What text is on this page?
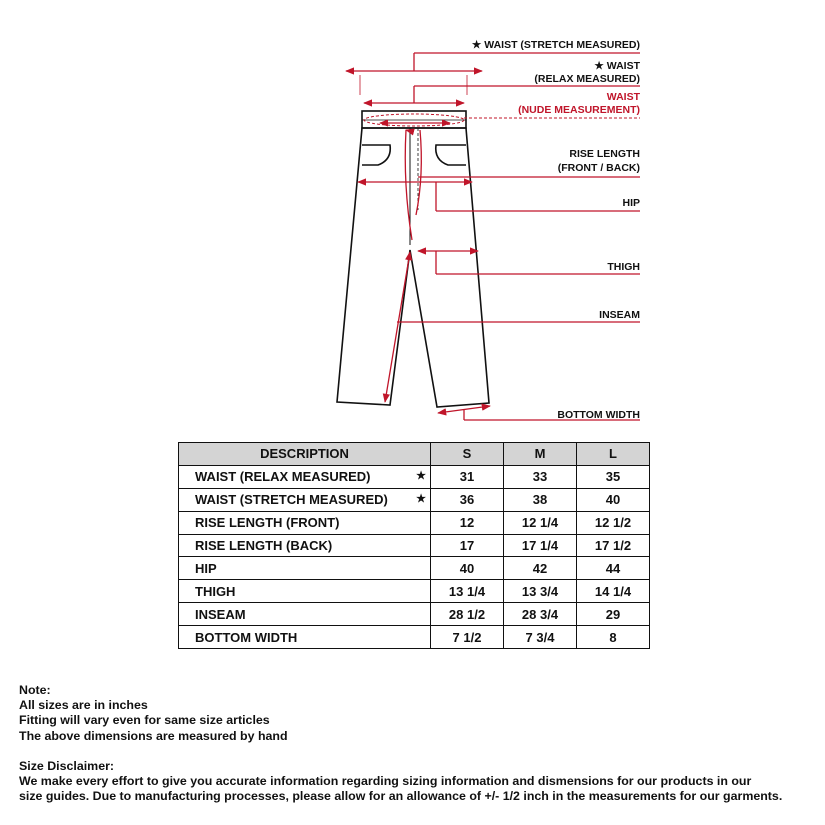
★ WAIST (STRETCH MEASURED)
★ WAIST
(RELAX MEASURED)
WAIST
(NUDE MEASUREMENT)
RISE LENGTH
(FRONT / BACK)
HIP
THIGH
INSEAM
BOTTOM WIDTH
DESCRIPTION	S	M	L
WAIST (RELAX MEASURED) ★	31	33	35
WAIST (STRETCH MEASURED) ★	36	38	40
RISE LENGTH (FRONT)	12	12 1/4	12 1/2
RISE LENGTH (BACK)	17	17 1/4	17 1/2
HIP	40	42	44
THIGH	13 1/4	13 3/4	14 1/4
INSEAM	28 1/2	28 3/4	29
BOTTOM WIDTH	7 1/2	7 3/4	8
Note:
All sizes are in inches
Fitting will vary even for same size articles
The above dimensions are measured by hand
Size Disclaimer:
We make every effort to give you accurate information regarding sizing information and dismensions for our products in our
size guides. Due to manufacturing processes, please allow for an allowance of +/- 1/2 inch in the measurements for our garments.
